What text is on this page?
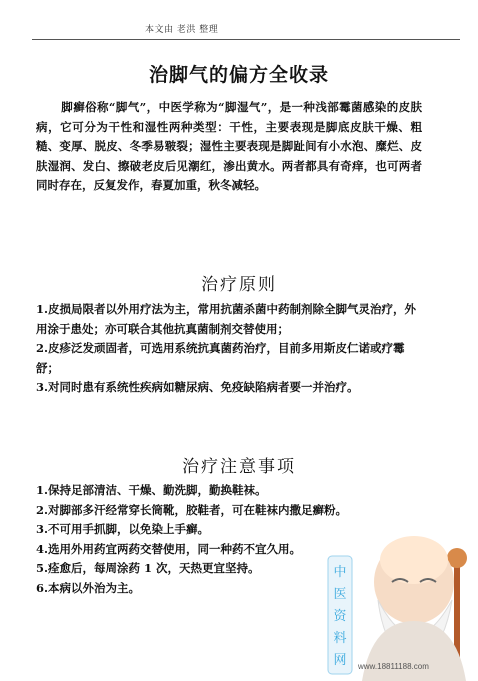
本文由 老洪 整理
治脚气的偏方全收录

脚癣俗称“脚气”，中医学称为“脚湿气”，是一种浅部霉菌感染的皮肤病，它可分为干性和湿性两种类型：干性，主要表现是脚底皮肤干燥、粗糙、变厚、脱皮、冬季易皲裂；湿性主要表现是脚趾间有小水泡、糜烂、皮肤湿润、发白、擦破老皮后见潮红，渗出黄水。两者都具有奇痒，也可两者同时存在，反复发作，春夏加重，秋冬减轻。

治疗原则
1.皮损局限者以外用疗法为主，常用抗菌杀菌中药制剂除全脚气灵治疗，外用涂于患处；亦可联合其他抗真菌制剂交替使用；
2.皮疹泛发顽固者，可选用系统抗真菌药治疗，目前多用斯皮仁诺或疗霉舒；
3.对同时患有系统性疾病如糖尿病、免疫缺陷病者要一并治疗。
治疗注意事项
1.保持足部清洁、干燥、勤洗脚，勤换鞋袜。
2.对脚部多汗经常穿长筒靴，胶鞋者，可在鞋袜内撒足癣粉。
3.不可用手抓脚，以免染上手癣。
4.选用外用药宜两药交替使用，同一种药不宜久用。
5.痊愈后，每周涂药 1 次，天热更宜坚持。
6.本病以外治为主。
中
医
资
料
网 www.18811188.com
